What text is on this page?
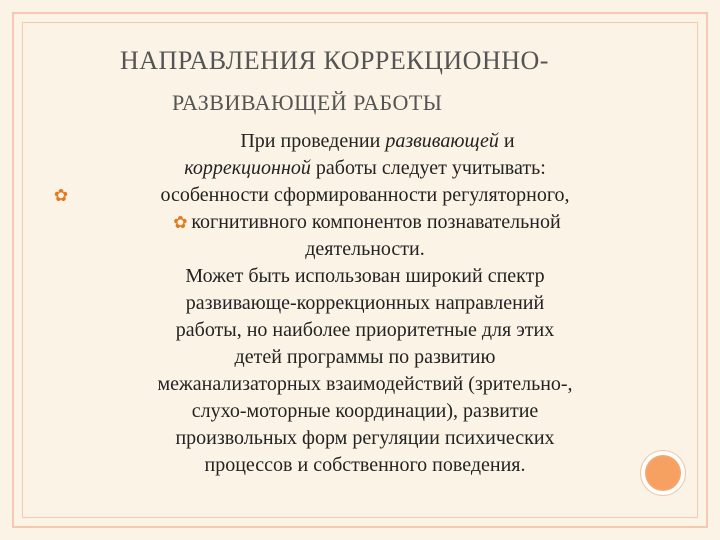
НАПРАВЛЕНИЯ КОРРЕКЦИОННО-
РАЗВИВАЮЩЕЙ РАБОТЫ
При проведении развивающей и
коррекционной работы следует учитывать:
✿	особенности сформированности регуляторного,
✿ когнитивного компонентов познавательной
деятельности.
Может быть использован широкий спектр
развивающе-коррекционных направлений
работы, но наиболее приоритетные для этих
детей программы по развитию
межанализаторных взаимодействий (зрительно-,
слухо-моторные координации), развитие
произвольных форм регуляции психических
процессов и собственного поведения.
